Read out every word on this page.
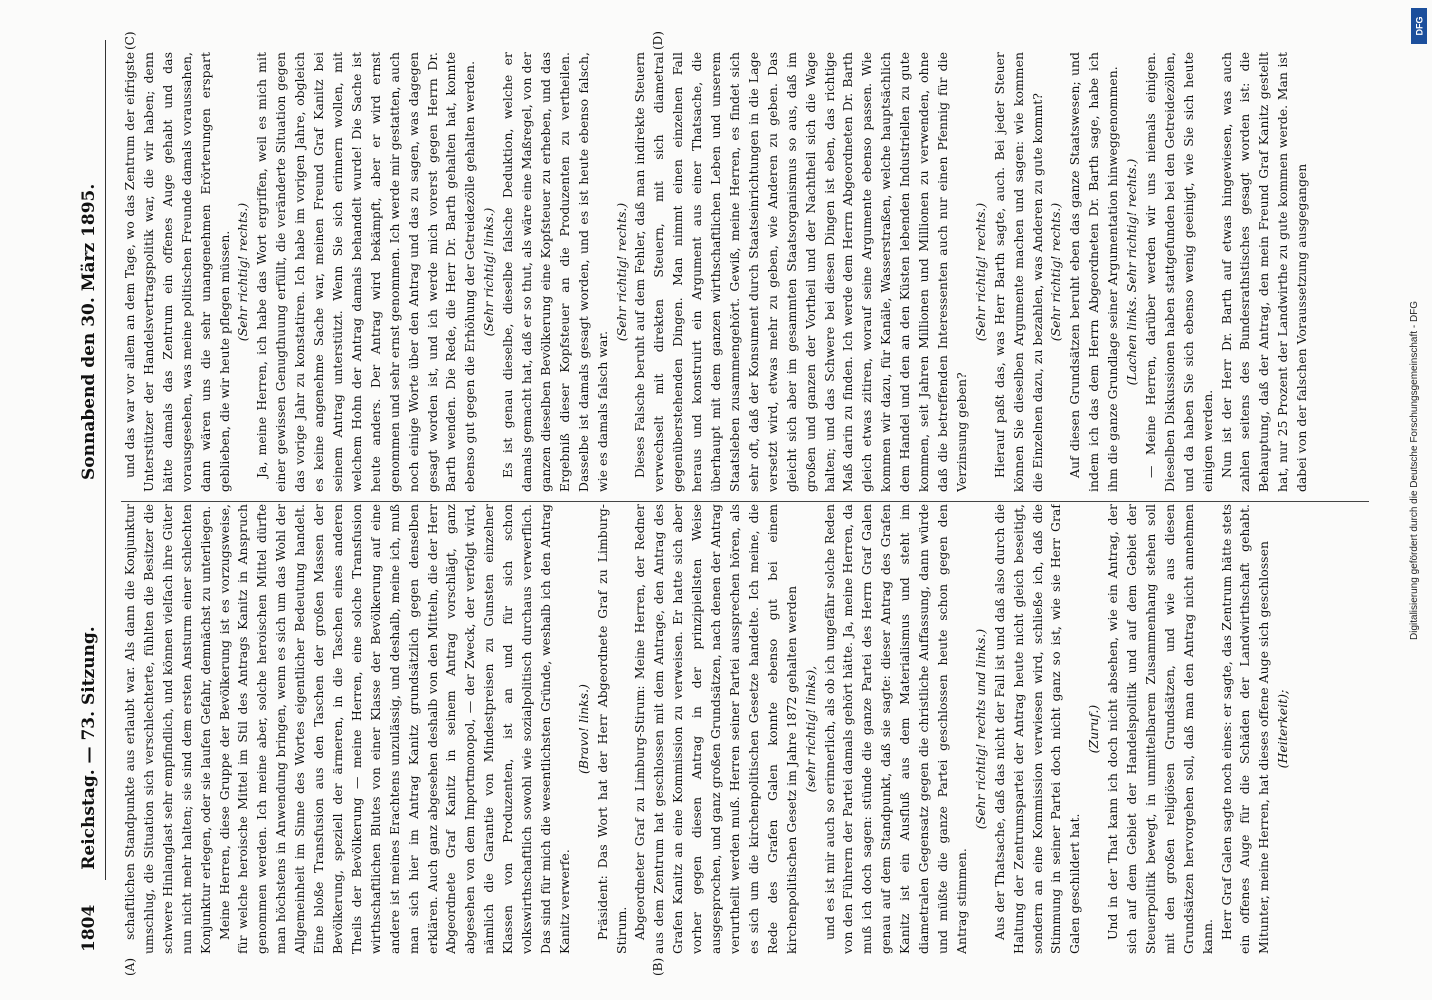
1804
Reichstag. — 73. Sitzung.
Sonnabend den 30. März 1895.

schaftlichen Standpunkte aus erlaubt war. Als dann die Konjunktur umschlug, die Situation sich verschlechterte, fühlten die Besitzer die schwere Hinlanglast sehr empfindlich, und können vielfach ihre Güter nun nicht mehr halten; sie sind dem ersten Ansturm einer schlechten Konjunktur erlegen, oder sie laufen Gefahr, demnächst zu unterliegen. Meine Herren, diese Gruppe der Bevölkerung ist es vorzugsweise, für welche heroische Mittel im Stil des Antrags Kanitz in Anspruch genommen werden. Ich meine aber, solche heroischen Mittel dürfte man höchstens in Anwendung bringen, wenn es sich um das Wohl der Allgemeinheit im Sinne des Wortes eigentlicher Bedeutung handelt. Eine bloße Transfusion aus den Taschen der großen Massen der Bevölkerung, speziell der ärmeren, in die Taschen eines anderen Theils der Bevölkerung — meine Herren, eine solche Transfusion wirthschaftlichen Blutes von einer Klasse der Bevölkerung auf eine andere ist meines Erachtens unzulässig, und deshalb, meine ich, muß man sich hier im Antrag Kanitz grundsätzlich gegen denselben erklären. Auch ganz abgesehen deshalb von den Mitteln, die der Herr Abgeordnete Graf Kanitz in seinem Antrag vorschlägt, ganz abgesehen von dem Importmonopol, — der Zweck, der verfolgt wird, nämlich die Garantie von Mindestpreisen zu Gunsten einzelner Klassen von Produzenten, ist an und für sich schon volkswirthschaftlich sowohl wie sozialpolitisch durchaus verwerflich. Das sind für mich die wesentlichsten Gründe, weshalb ich den Antrag Kanitz verwerfe.

(Bravo! links.) Präsident: Das Wort hat der Herr Abgeordnete Graf zu Limburg-Stirum. Abgeordneter Graf zu Limburg-Stirum: Meine Herren, der Redner aus dem Zentrum hat geschlossen mit dem Antrage, den Antrag des Grafen Kanitz an eine Kommission zu verweisen. Er hatte sich aber vorher gegen diesen Antrag in der prinzipiellsten Weise ausgesprochen, und ganz großen Grundsätzen, nach denen der Antrag verurtheilt werden muß. Herren seiner Partei aussprechen hören, als es sich um die kirchenpolitischen Gesetze handelte. Ich meine, die Rede des Grafen Galen konnte ebenso gut bei einem kirchenpolitischen Gesetz im Jahre 1872 gehalten werden (sehr richtig! links), und es ist mir auch so erinnerlich, als ob ich ungefähr solche Reden von den Führern der Partei damals gehört hätte. Ja, meine Herren, da muß ich doch sagen: stünde die ganze Partei des Herrn Graf Galen genau auf dem Standpunkt, daß sie sagte: dieser Antrag des Grafen Kanitz ist ein Ausfluß aus dem Materialismus und steht im diametralen Gegensatz gegen die christliche Auffassung, dann würde und müßte die ganze Partei geschlossen heute schon gegen den Antrag stimmen.

(Sehr richtig! rechts und links.) Aus der Thatsache, daß das nicht der Fall ist und daß also durch die Haltung der Zentrumspartei der Antrag heute nicht gleich beseitigt, sondern an eine Kommission verwiesen wird, schließe ich, daß die Stimmung in seiner Partei doch nicht ganz so ist, wie sie Herr Graf Galen geschildert hat.

(Zuruf.) Und in der That kann ich doch nicht absehen, wie ein Antrag, der sich auf dem Gebiet der Handelspolitik und auf dem Gebiet der Steuerpolitik bewegt, in unmittelbarem Zusammenhang stehen soll mit den großen religiösen Grundsätzen, und wie aus diesen Grundsätzen hervorgehen soll, daß man den Antrag nicht annehmen kann. Herr Graf Galen sagte noch eines: er sagte, das Zentrum hätte stets ein offenes Auge für die Schäden der Landwirthschaft gehabt. Mitunter, meine Herren, hat dieses offene Auge sich geschlossen (Heiterkeit);

und das war vor allem an dem Tage, wo das Zentrum der eifrigste Unterstützer der Handelsvertragspolitik war, die wir haben; denn hätte damals das Zentrum ein offenes Auge gehabt und das vorausgesehen, was meine politischen Freunde damals voraussahen, dann wären uns die sehr unangenehmen Erörterungen erspart geblieben, die wir heute pflegen müssen. (Sehr richtig! rechts.) Ja, meine Herren, ich habe das Wort ergriffen, weil es mich mit einer gewissen Genugthuung erfüllt, die veränderte Situation gegen das vorige Jahr zu konstatiren. Ich habe im vorigen Jahre, obgleich es keine angenehme Sache war, meinen Freund Graf Kanitz bei seinem Antrag unterstützt. Wenn Sie sich erinnern wollen, mit welchem Hohn der Antrag damals behandelt wurde! Die Sache ist heute anders. Der Antrag wird bekämpft, aber er wird ernst genommen und sehr ernst genommen. Ich werde mir gestatten, auch noch einige Worte über den Antrag und das zu sagen, was dagegen gesagt worden ist, und ich werde mich vorerst gegen Herrn Dr. Barth wenden. Die Rede, die Herr Dr. Barth gehalten hat, konnte ebenso gut gegen die Erhöhung der Getreidezölle gehalten werden. (Sehr richtig! links.) Es ist genau dieselbe, dieselbe falsche Deduktion, welche er damals gemacht hat, daß er so thut, als wäre eine Maßregel, von der ganzen dieselben Bevölkerung eine Kopfsteuer zu erheben, und das Ergebniß dieser Kopfsteuer an die Produzenten zu vertheilen. Dasselbe ist damals gesagt worden, und es ist heute ebenso falsch, wie es damals falsch war.

(Sehr richtig! rechts.) Dieses Falsche beruht auf dem Fehler, daß man indirekte Steuern verwechselt mit direkten Steuern, mit sich diametral gegenüberstehenden Dingen. Man nimmt einen einzelnen Fall heraus und konstruirt ein Argument aus einer Thatsache, die überhaupt mit dem ganzen wirthschaftlichen Leben und unserem Staatsleben zusammengehört. Gewiß, meine Herren, es findet sich sehr oft, daß der Konsument durch Staatseinrichtungen in die Lage versetzt wird, etwas mehr zu geben, wie Anderen zu geben. Das gleicht sich aber im gesammten Staatsorganismus so aus, daß im großen und ganzen der Vortheil und der Nachtheil sich die Wage halten; und das Schwere bei diesen Dingen ist eben, das richtige Maß darin zu finden. Ich werde dem Herrn Abgeordneten Dr. Barth gleich etwas zitiren, worauf seine Argumente ebenso passen. Wie kommen wir dazu, für Kanäle, Wasserstraßen, welche hauptsächlich dem Handel und den an den Küsten lebenden Industriellen zu gute kommen, seit Jahren Millionen und Millionen zu verwenden, ohne daß die betreffenden Interessenten auch nur einen Pfennig für die Verzinsung geben?

(Sehr richtig! rechts.) Hierauf paßt das, was Herr Barth sagte, auch. Bei jeder Steuer können Sie dieselben Argumente machen und sagen: wie kommen die Einzelnen dazu, zu bezahlen, was Anderen zu gute kommt? (Sehr richtig! rechts.) Auf diesen Grundsätzen beruht eben das ganze Staatswesen; und indem ich das dem Herrn Abgeordneten Dr. Barth sage, habe ich ihm die ganze Grundlage seiner Argumentation hinweggenommen. (Lachen links. Sehr richtig! rechts.) — Meine Herren, darüber werden wir uns niemals einigen. Dieselben Diskussionen haben stattgefunden bei den Getreidezöllen, und da haben Sie sich ebenso wenig geeinigt, wie Sie sich heute einigen werden. Nun ist der Herr Dr. Barth auf etwas hingewiesen, was auch zahlen seitens des Bundesrathstisches gesagt worden ist: die Behauptung, daß der Antrag, den mein Freund Graf Kanitz gestellt hat, nur 25 Prozent der Landwirthe zu gute kommen werde. Man ist dabei von der falschen Voraussetzung ausgegangen

(A)	(B)
(C)	(D)
Digitalisierung gefördert durch die Deutsche Forschungsgemeinschaft - DFG
DFG
